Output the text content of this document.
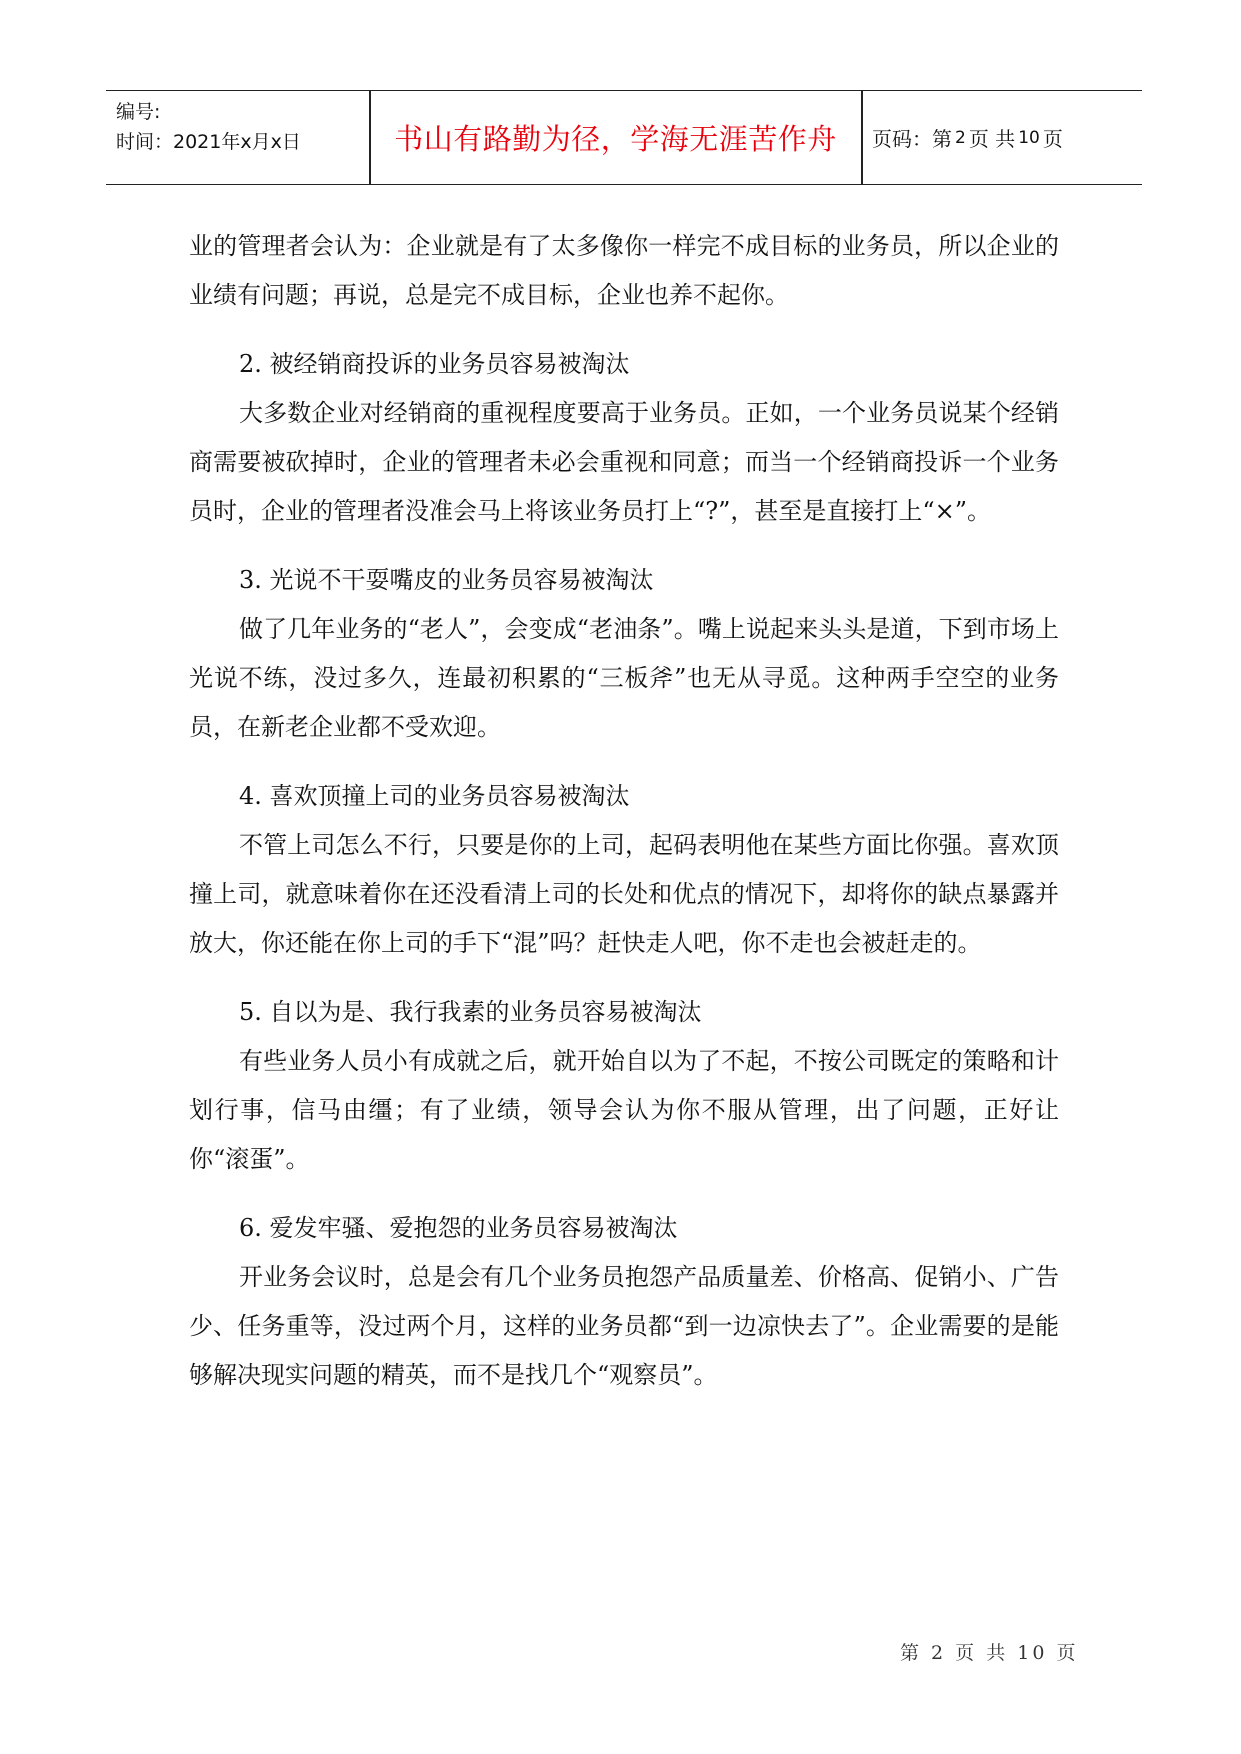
编号:
时间：2021年x月x日	书山有路勤为径，学海无涯苦作舟	页码：第 2 页 共 10 页

业的管理者会认为：企业就是有了太多像你一样完不成目标的业务员，所以企业的业绩有问题；再说，总是完不成目标，企业也养不起你。

2. 被经销商投诉的业务员容易被淘汰

大多数企业对经销商的重视程度要高于业务员。正如，一个业务员说某个经销商需要被砍掉时，企业的管理者未必会重视和同意；而当一个经销商投诉一个业务员时，企业的管理者没准会马上将该业务员打上“?”，甚至是直接打上“×”。

3. 光说不干耍嘴皮的业务员容易被淘汰

做了几年业务的“老人”，会变成“老油条”。嘴上说起来头头是道，下到市场上光说不练，没过多久，连最初积累的“三板斧”也无从寻觅。这种两手空空的业务员，在新老企业都不受欢迎。

4. 喜欢顶撞上司的业务员容易被淘汰

不管上司怎么不行，只要是你的上司，起码表明他在某些方面比你强。喜欢顶撞上司，就意味着你在还没看清上司的长处和优点的情况下，却将你的缺点暴露并放大，你还能在你上司的手下“混”吗？赶快走人吧，你不走也会被赶走的。

5. 自以为是、我行我素的业务员容易被淘汰

有些业务人员小有成就之后，就开始自以为了不起，不按公司既定的策略和计划行事，信马由缰；有了业绩，领导会认为你不服从管理，出了问题，正好让你“滚蛋”。

6. 爱发牢骚、爱抱怨的业务员容易被淘汰

开业务会议时，总是会有几个业务员抱怨产品质量差、价格高、促销小、广告少、任务重等，没过两个月，这样的业务员都“到一边凉快去了”。企业需要的是能够解决现实问题的精英，而不是找几个“观察员”。

第 2 页 共 10 页
